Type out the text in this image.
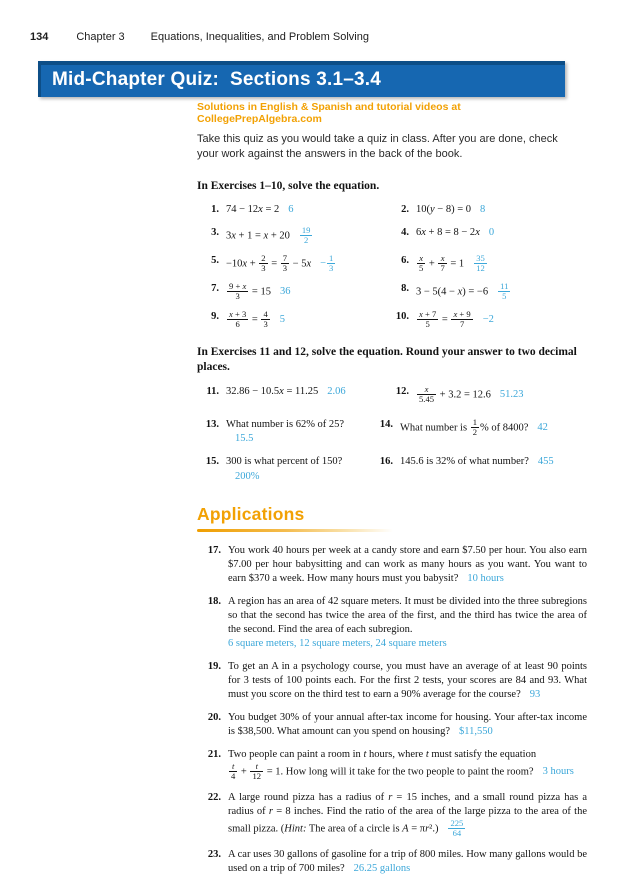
134	Chapter 3 Equations, Inequalities, and Problem Solving
Mid-Chapter Quiz:  Sections 3.1–3.4
Solutions in English & Spanish and tutorial videos at CollegePrepAlgebra.com
Take this quiz as you would take a quiz in class. After you are done, check your work against the answers in the back of the book.
In Exercises 1–10, solve the equation.
1. 74 − 12x = 2 6	2. 10(y − 8) = 0 8
3. $3x + 1 = x + 20 \frac{19}{2}$	4. 6x + 8 = 8 − 2x 0
5. $-10x + \frac{2}{3} = \frac{7}{3} - 5x - \frac{1}{3}$	6. $\frac{x}{5} + \frac{x}{7} = 1 \frac{35}{12}$
7. $\frac{9 + x}{3} = 15$ 36	8. $3 - 5(4 - x) = -6 \frac{11}{5}$
9. $\frac{x + 3}{6} = \frac{4}{3} 5$	10. $\frac{x + 7}{5} = \frac{x + 9}{7} -2$
In Exercises 11 and 12, solve the equation. Round your answer to two decimal places.
11. 32.86 − 10.5x = 11.25 2.06	12. $\frac{x}{5.45} + 3.2 = 12.6$ 51.23
13. What number is 62% of 25?15.5
14. What number is $\frac{1}{2}$ % of 8400? 42
15. 300 is what percent of 150?200%
16. 145.6 is 32% of what number? 455
Applications
17. You work 40 hours per week at a candy store and earn $7.50 per hour. You also earn $7.00 per hour babysitting and can work as many hours as you want. You want to earn $370 a week. How many hours must you babysit? 10 hours
18. A region has an area of 42 square meters. It must be divided into the three subregions so that the second has twice the area of the first, and the third has twice the area of the second. Find the area of each subregion.
6 square meters, 12 square meters, 24 square meters
19. To get an A in a psychology course, you must have an average of at least 90 points for 3 tests of 100 points each. For the first 2 tests, your scores are 84 and 93. What must you score on the third test to earn a 90% average for the course? 93
20. You budget 30% of your annual after-tax income for housing. Your after-tax income is $38,500. What amount can you spend on housing? $11,550
21. Two people can paint a room in t hours, where t must satisfy the equation

$\frac{t}{4} + \frac{t}{12} = 1$. How long will it take for the two people to paint the room? 3 hours
22. A large round pizza has a radius of r = 15 inches, and a small round pizza has a radius of r = 8 inches. Find the ratio of the area of the large pizza to the area of the small pizza. (Hint: The area of a circle is $A = \pi r^2.) \frac{225}{64}$
23. A car uses 30 gallons of gasoline for a trip of 800 miles. How many gallons would be used on a trip of 700 miles? 26.25 gallons
